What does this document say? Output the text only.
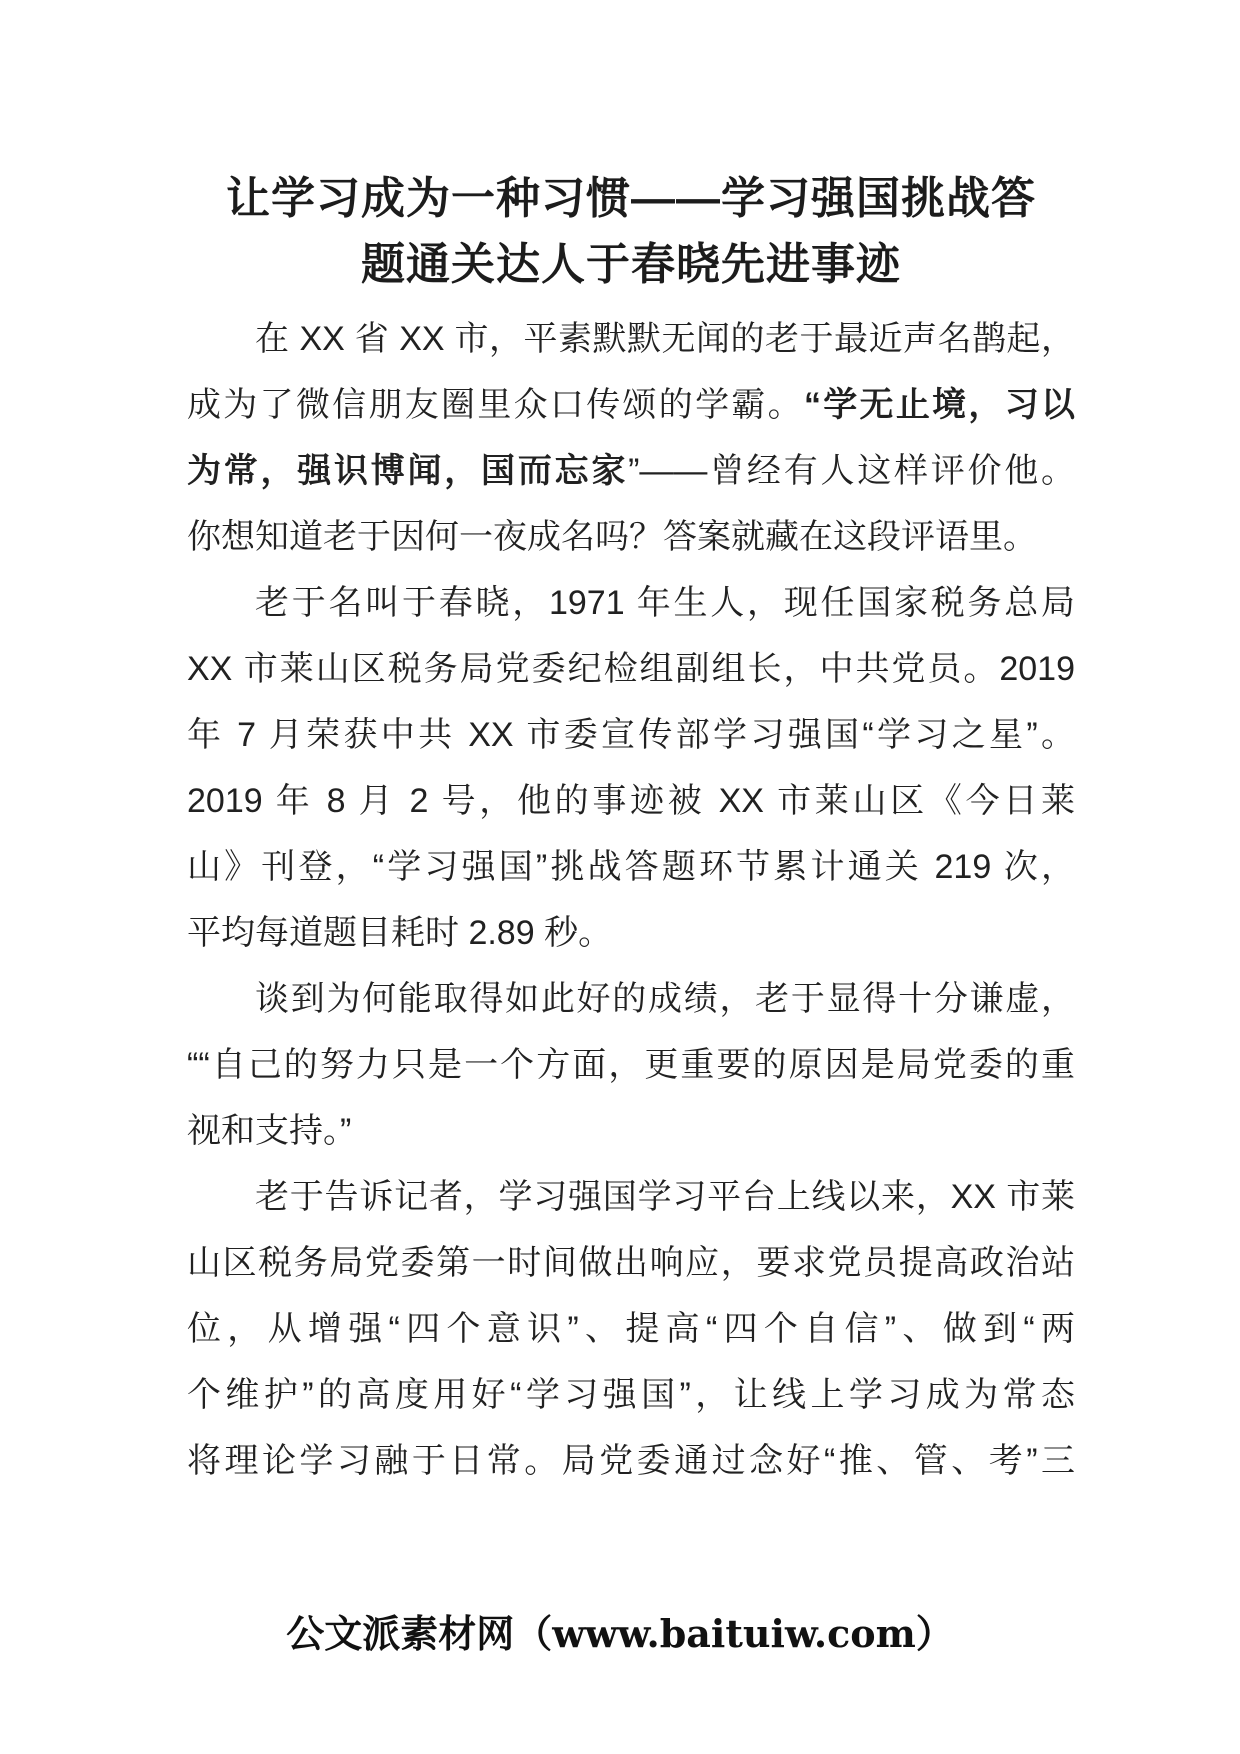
让学习成为一种习惯——学习强国挑战答
题通关达人于春晓先进事迹
在 XX 省 XX 市，平素默默无闻的老于最近声名鹊起，
成为了微信朋友圈里众口传颂的学霸。“学无止境，习以
为常，强识博闻，国而忘家”——曾经有人这样评价他。
你想知道老于因何一夜成名吗？答案就藏在这段评语里。
老于名叫于春晓，1971 年生人，现任国家税务总局
XX 市莱山区税务局党委纪检组副组长，中共党员。2019
年 7 月荣获中共 XX 市委宣传部学习强国“学习之星”。
2019 年 8 月 2 号，他的事迹被 XX 市莱山区《今日莱
山》刊登，“学习强国”挑战答题环节累计通关 219 次，
平均每道题目耗时 2.89 秒。
谈到为何能取得如此好的成绩，老于显得十分谦虚，
““自己的努力只是一个方面，更重要的原因是局党委的重
视和支持。”
老于告诉记者，学习强国学习平台上线以来，XX 市莱
山区税务局党委第一时间做出响应，要求党员提高政治站
位，从增强“四个意识”、提高“四个自信”、做到“两
个维护”的高度用好“学习强国”，让线上学习成为常态
将理论学习融于日常。局党委通过念好“推、管、考”三
公文派素材网（www.baituiw.com）
